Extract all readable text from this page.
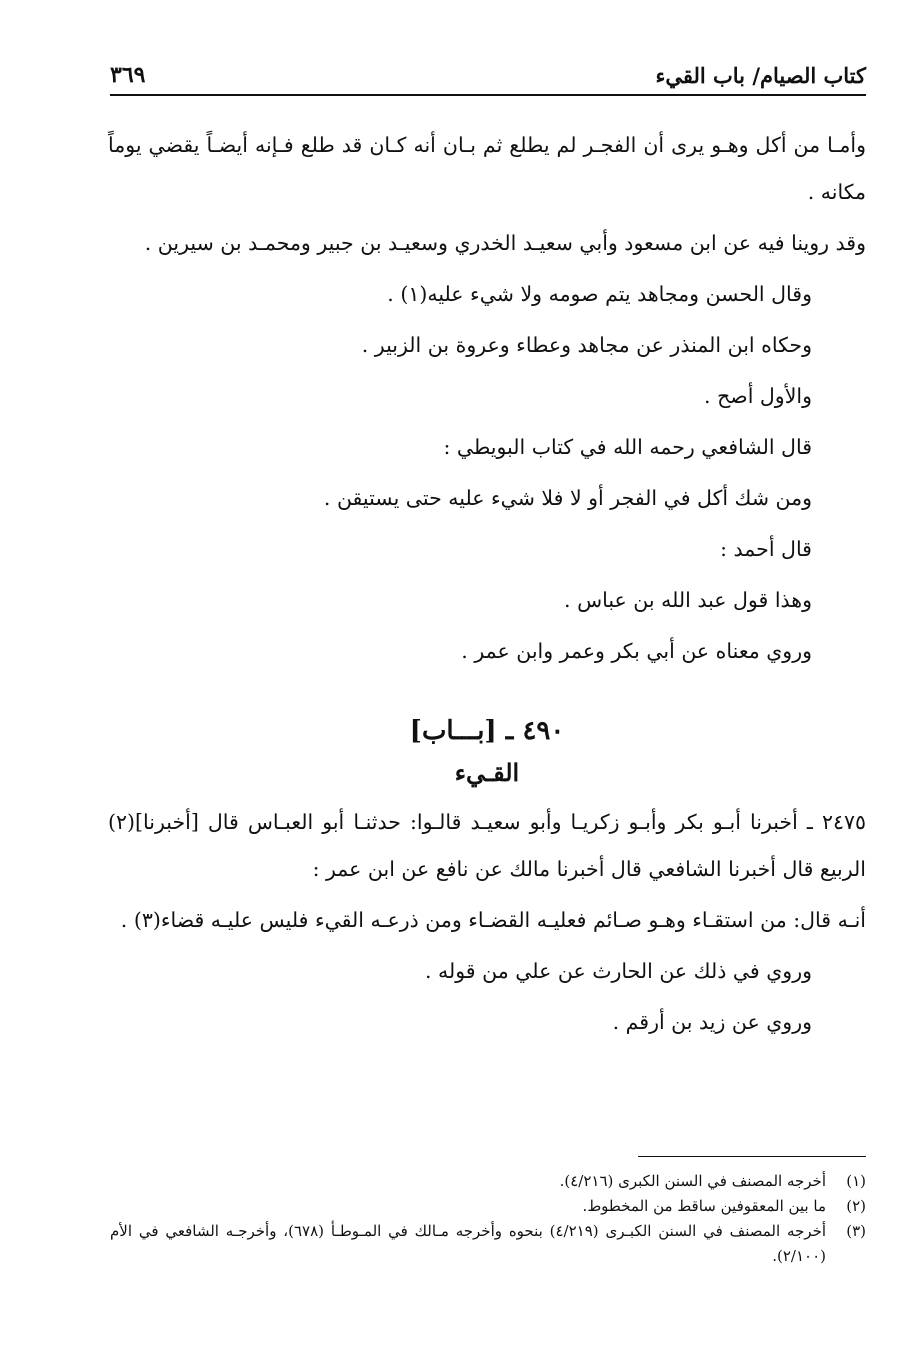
كتاب الصيام/ باب القيء
٣٦٩

وأمـا من أكل وهـو يرى أن الفجـر لم يطلع ثم بـان أنه كـان قد طلع فـإنه أيضـاً يقضي يوماً مكانه .

وقد روينا فيه عن ابن مسعود وأبي سعيـد الخدري وسعيـد بن جبير ومحمـد بن سيرين .

وقال الحسن ومجاهد يتم صومه ولا شيء عليه(١) .

وحكاه ابن المنذر عن مجاهد وعطاء وعروة بن الزبير .

والأول أصح .

قال الشافعي رحمه الله في كتاب البويطي :

ومن شك أكل في الفجر أو لا فلا شيء عليه حتى يستيقن .

قال أحمد :

وهذا قول عبد الله بن عباس .

وروي معناه عن أبي بكر وعمر وابن عمر .

٤٩٠ ـ [بـــاب]
القـيء

٢٤٧٥ ـ أخبرنا أبـو بكر وأبـو زكريـا وأبو سعيـد قالـوا: حدثنـا أبو العبـاس قال [أخبرنا](٢) الربيع قال أخبرنا الشافعي قال أخبرنا مالك عن نافع عن ابن عمر :

أنـه قال: من استقـاء وهـو صـائم فعليـه القضـاء ومن ذرعـه القيء فليس عليـه قضاء(٣) .

وروي في ذلك عن الحارث عن علي من قوله .

وروي عن زيد بن أرقم .

(١)
أخرجه المصنف في السنن الكبرى (٤/٢١٦).
(٢)
ما بين المعقوفين ساقط من المخطوط.
(٣)
أخرجه المصنف في السنن الكبـرى (٤/٢١٩) بنحوه وأخرجه مـالك في المـوطـأ (٦٧٨)، وأخرجـه الشافعي في الأم (٢/١٠٠).
